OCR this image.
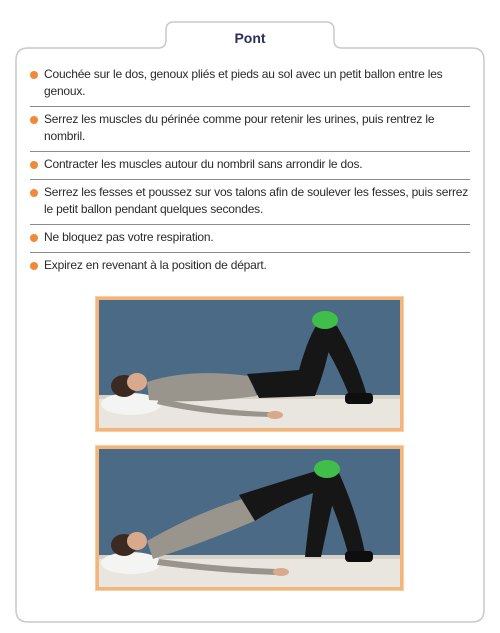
Pont
Couchée sur le dos, genoux pliés et pieds au sol avec un petit ballon entre les genoux.
Serrez les muscles du périnée comme pour retenir les urines, puis rentrez le nombril.
Contracter les muscles autour du nombril sans arrondir le dos.
Serrez les fesses et poussez sur vos talons afin de soulever les fesses, puis serrez le petit ballon pendant quelques secondes.
Ne bloquez pas votre respiration.
Expirez en revenant à la position de départ.
